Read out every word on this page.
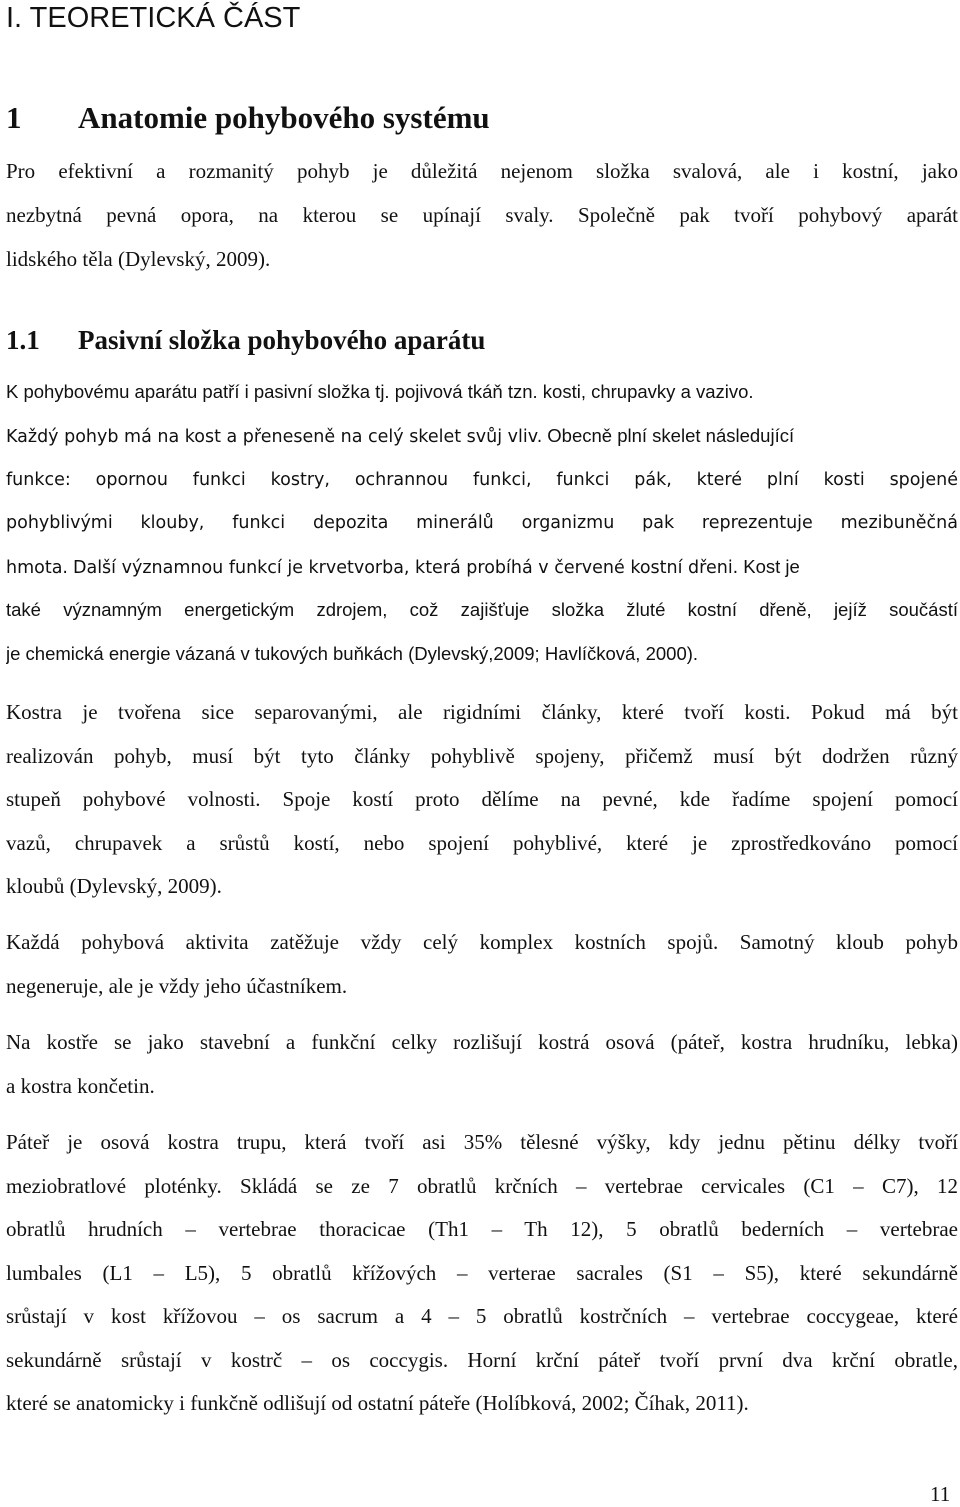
I. TEORETICKÁ ČÁST
1 Anatomie pohybového systému

Pro efektivní a rozmanitý pohyb je důležitá nejenom složka svalová, ale i kostní, jako

nezbytná pevná opora, na kterou se upínají svaly. Společně pak tvoří pohybový aparát

lidského těla (Dylevský, 2009).

1.1 Pasivní složka pohybového aparátu

K pohybovému aparátu patří i pasivní složka tj. pojivová tkáň tzn. kosti, chrupavky a vazivo.

Každý pohyb má na kost a přeneseně na celý skelet svůj vliv. Obecně plní skelet následující

funkce: opornou funkci kostry, ochrannou funkci, funkci pák, které plní kosti spojené

pohyblivými klouby, funkci depozita minerálů organizmu pak reprezentuje mezibuněčná

hmota. Další významnou funkcí je krvetvorba, která probíhá v červené kostní dřeni. Kost je

také významným energetickým zdrojem, což zajišťuje složka žluté kostní dřeně, jejíž součástí

je chemická energie vázaná v tukových buňkách (Dylevský,2009; Havlíčková, 2000).

Kostra je tvořena sice separovanými, ale rigidními články, které tvoří kosti. Pokud má být

realizován pohyb, musí být tyto články pohyblivě spojeny, přičemž musí být dodržen různý

stupeň pohybové volnosti. Spoje kostí proto dělíme na pevné, kde řadíme spojení pomocí

vazů, chrupavek a srůstů kostí, nebo spojení pohyblivé, které je zprostředkováno pomocí

kloubů (Dylevský, 2009).

Každá pohybová aktivita zatěžuje vždy celý komplex kostních spojů. Samotný kloub pohyb

negeneruje, ale je vždy jeho účastníkem.

Na kostře se jako stavební a funkční celky rozlišují kostrá osová (páteř, kostra hrudníku, lebka)

a kostra končetin.

Páteř je osová kostra trupu, která tvoří asi 35% tělesné výšky, kdy jednu pětinu délky tvoří

meziobratlové ploténky. Skládá se ze 7 obratlů krčních – vertebrae cervicales (C1 – C7), 12

obratlů hrudních – vertebrae thoracicae (Th1 – Th 12), 5 obratlů bederních – vertebrae

lumbales (L1 – L5), 5 obratlů křížových – verterae sacrales (S1 – S5), které sekundárně

srůstají v kost křížovou – os sacrum a 4 – 5 obratlů kostrčních – vertebrae coccygeae, které

sekundárně srůstají v kostrč – os coccygis. Horní krční páteř tvoří první dva krční obratle,

které se anatomicky i funkčně odlišují od ostatní páteře (Holíbková, 2002; Číhak, 2011).

11
